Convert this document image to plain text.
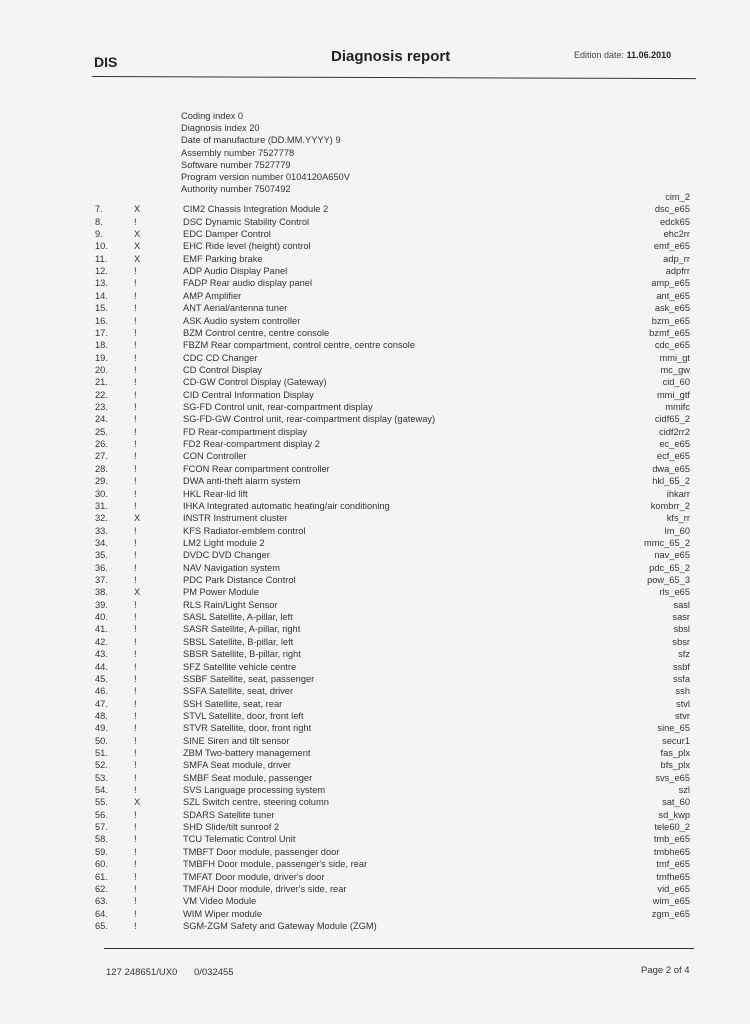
DIS	Diagnosis report	Edition date: 11.06.2010
Coding index 0
Diagnosis index 20
Date of manufacture (DD.MM.YYYY) 9
Assembly number 7527778
Software number 7527779
Program version number 0104120A650V
Authority number 7507492
cim_2
7.	X	CIM2 Chassis Integration Module 2	dsc_e65
8.	!	DSC Dynamic Stability Control	edck65
9.	X	EDC Damper Control	ehc2rr
10.	X	EHC Ride level (height) control	emf_e65
11.	X	EMF Parking brake	adp_rr
12.	!	ADP Audio Display Panel	adpfrr
13.	!	FADP Rear audio display panel	amp_e65
14.	!	AMP Amplifier	ant_e65
15.	!	ANT Aerial/antenna tuner	ask_e65
16.	!	ASK Audio system controller	bzm_e65
17.	!	BZM Control centre, centre console	bzmf_e65
18.	!	FBZM Rear compartment, control centre, centre console	cdc_e65
19.	!	CDC CD Changer	mmi_gt
20.	!	CD Control Display	mc_gw
21.	!	CD-GW Control Display (Gateway)	cid_60
22.	!	CID Central Information Display	mmi_gtf
23.	!	SG-FD Control unit, rear-compartment display	mmifc
24.	!	SG-FD-GW Control unit, rear-compartment display (gateway)	cidf65_2
25.	!	FD Rear-compartment display	cidf2rr2
26.	!	FD2 Rear-compartment display 2	ec_e65
27.	!	CON Controller	ecf_e65
28.	!	FCON Rear compartment controller	dwa_e65
29.	!	DWA anti-theft alarm system	hkl_65_2
30.	!	HKL Rear-lid lift	ihkarr
31.	!	IHKA Integrated automatic heating/air conditioning	kombrr_2
32.	X	INSTR Instrument cluster	kfs_rr
33.	!	KFS Radiator-emblem control	lm_60
34.	!	LM2 Light module 2	mmc_65_2
35.	!	DVDC DVD Changer	nav_e65
36.	!	NAV Navigation system	pdc_65_2
37.	!	PDC Park Distance Control	pow_65_3
38.	X	PM Power Module	rls_e65
39.	!	RLS Rain/Light Sensor	sasl
40.	!	SASL Satellite, A-pillar, left	sasr
41.	!	SASR Satellite, A-pillar, right	sbsl
42.	!	SBSL Satellite, B-pillar, left	sbsr
43.	!	SBSR Satellite, B-pillar, right	sfz
44.	!	SFZ Satellite vehicle centre	ssbf
45.	!	SSBF Satellite, seat, passenger	ssfa
46.	!	SSFA Satellite, seat, driver	ssh
47.	!	SSH Satellite, seat, rear	stvl
48.	!	STVL Satellite, door, front left	stvr
49.	!	STVR Satellite, door, front right	sine_65
50.	!	SINE Siren and tilt sensor	secur1
51.	!	ZBM Two-battery management	fas_plx
52.	!	SMFA Seat module, driver	bfs_plx
53.	!	SMBF Seat module, passenger	svs_e65
54.	!	SVS Language processing system	szl
55.	X	SZL Switch centre, steering column	sat_60
56.	!	SDARS Satellite tuner	sd_kwp
57.	!	SHD Slide/tilt sunroof 2	tele60_2
58.	!	TCU Telematic Control Unit	tmb_e65
59.	!	TMBFT Door module, passenger door	tmbhe65
60.	!	TMBFH Door module, passenger's side, rear	tmf_e65
61.	!	TMFAT Door module, driver's door	tmfhe65
62.	!	TMFAH Door module, driver's side, rear	vid_e65
63.	!	VM Video Module	wim_e65
64.	!	WIM Wiper module	zgm_e65
65.	!	SGM-ZGM Safety and Gateway Module (ZGM)
127 248651/UX0 0/032455	Page 2 of 4
